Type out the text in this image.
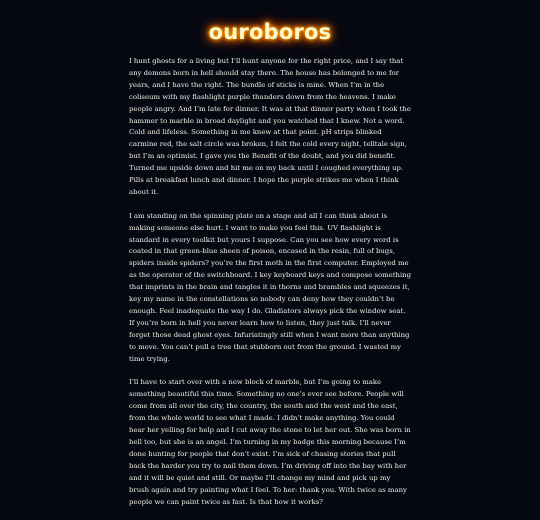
ouroboros

I hunt ghosts for a living but I’ll hunt anyone for the right price, and I say that any demons born in hell should stay there. The house has belonged to me for years, and I have the right. The bundle of sticks is mine. When I’m in the coliseum with my flashlight purple thunders down from the heavens. I make people angry. And I’m late for dinner. It was at that dinner party when I took the hammer to marble in broad daylight and you watched that I knew. Not a word. Cold and lifeless. Something in me knew at that point. pH strips blinked carmine red, the salt circle was broken, I felt the cold every night, telltale sign, but I’m an optimist. I gave you the Benefit of the doubt, and you did benefit. Turned me upside down and hit me on my back until I coughed everything up. Pills at breakfast lunch and dinner. I hope the purple strikes me when I think about it.

I am standing on the spinning plate on a stage and all I can think about is making someone else hurt. I want to make you feel this. UV flashlight is standard in every toolkit but yours I suppose. Can you see how every word is coated in that green-blue sheen of poison, encased in the resin, full of bugs, spiders inside spiders? you’re the first moth in the first computer. Employed me as the operator of the switchboard. I key keyboard keys and compose something that imprints in the brain and tangles it in thorns and brambles and squeezes it, key my name in the constellations so nobody can deny how they couldn’t be enough. Feel inadequate the way I do. Gladiators always pick the window seat. If you’re born in hell you never learn how to listen, they just talk. I’ll never forget those dead ghost eyes. Infuriatingly still when I want more than anything to move. You can’t pull a tree that stubborn out from the ground. I wasted my time trying.

I’ll have to start over with a new block of marble, but I’m going to make something beautiful this time. Something no one’s ever see before. People will come from all over the city, the country, the south and the west and the east, from the whole world to see what I made. I didn’t make anything. You could hear her yelling for help and I cut away the stone to let her out. She was born in hell too, but she is an angel. I’m turning in my badge this morning because I’m done hunting for people that don’t exist. I’m sick of chasing stories that pull back the harder you try to nail them down. I’m driving off into the bay with her and it will be quiet and still. Or maybe I’ll change my mind and pick up my brush again and try painting what I feel. To her: thank you. With twice as many people we can paint twice as fast. Is that how it works?
